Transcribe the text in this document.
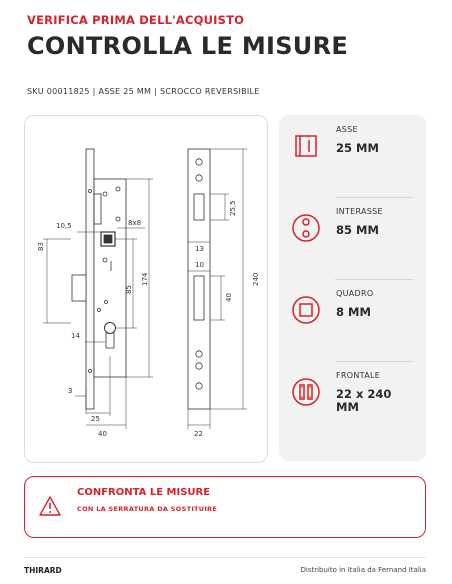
VERIFICA PRIMA DELL'ACQUISTO
CONTROLLA LE MISURE
SKU 00011825 | ASSE 25 MM | SCROCCO REVERSIBILE
83
10,5	8x8
85
174
14
3
25
40
25,5
13
10
40
240
22
ASSE
25 MM
INTERASSE
85 MM
QUADRO
8 MM
FRONTALE
22 x 240 MM
CONFRONTA LE MISURE
CON LA SERRATURA DA SOSTITUIRE
THIRARD	Distribuito in Italia da Fernand Italia
